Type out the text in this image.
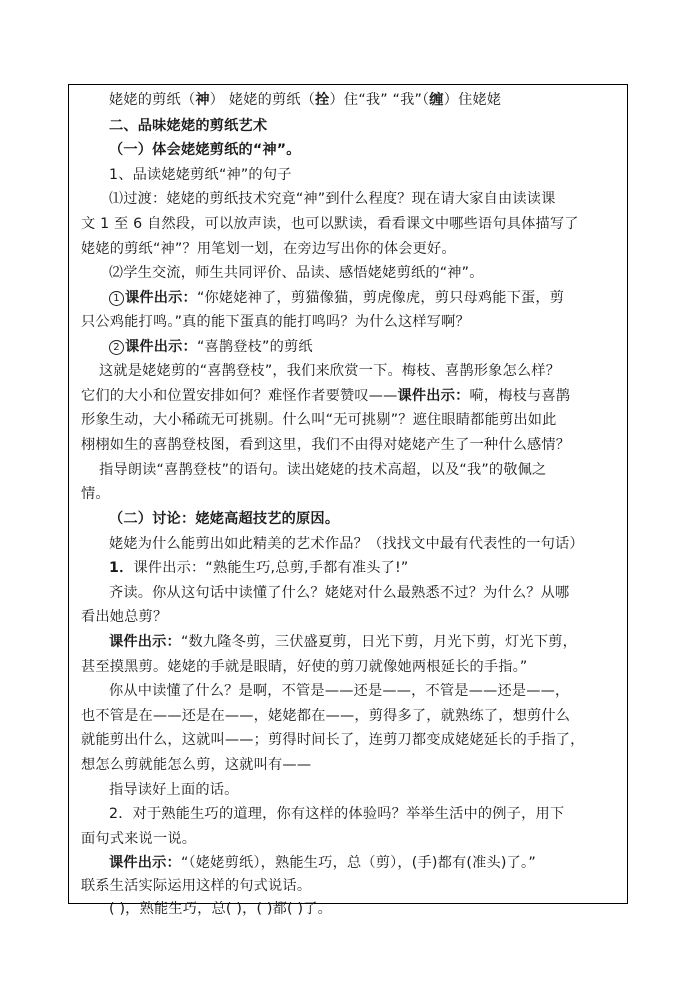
姥姥的剪纸（神） 姥姥的剪纸（拴）住“我” “我”（缠）住姥姥
二、品味姥姥的剪纸艺术
（一）体会姥姥剪纸的“神”。
1、品读姥姥剪纸“神”的句子
⑴过渡：姥姥的剪纸技术究竟“神”到什么程度？现在请大家自由读读课
文 1 至 6 自然段，可以放声读，也可以默读，看看课文中哪些语句具体描写了
姥姥的剪纸“神”？用笔划一划，在旁边写出你的体会更好。
⑵学生交流，师生共同评价、品读、感悟姥姥剪纸的“神”。
1 课件出示：“你姥姥神了，剪猫像猫，剪虎像虎，剪只母鸡能下蛋，剪
只公鸡能打鸣。”真的能下蛋真的能打鸣吗？为什么这样写啊？
2 课件出示：“喜鹊登枝”的剪纸
这就是姥姥剪的“喜鹊登枝”，我们来欣赏一下。梅枝、喜鹊形象怎么样？
它们的大小和位置安排如何？难怪作者要赞叹——课件出示：嗬，梅枝与喜鹊
形象生动，大小稀疏无可挑剔。什么叫“无可挑剔”？遮住眼睛都能剪出如此
栩栩如生的喜鹊登枝图，看到这里，我们不由得对姥姥产生了一种什么感情？
指导朗读“喜鹊登枝”的语句。读出姥姥的技术高超，以及“我”的敬佩之
情。
（二）讨论：姥姥高超技艺的原因。
姥姥为什么能剪出如此精美的艺术作品？（找找文中最有代表性的一句话）
1．课件出示：“熟能生巧,总剪,手都有准头了!”
齐读。你从这句话中读懂了什么？姥姥对什么最熟悉不过？为什么？从哪
看出她总剪？
课件出示：“数九隆冬剪，三伏盛夏剪，日光下剪，月光下剪，灯光下剪，
甚至摸黑剪。姥姥的手就是眼睛，好使的剪刀就像她两根延长的手指。”
你从中读懂了什么？是啊，不管是——还是——，不管是——还是——，
也不管是在——还是在——，姥姥都在——，剪得多了，就熟练了，想剪什么
就能剪出什么，这就叫——；剪得时间长了，连剪刀都变成姥姥延长的手指了，
想怎么剪就能怎么剪，这就叫有——
指导读好上面的话。
2．对于熟能生巧的道理，你有这样的体验吗？举举生活中的例子，用下
面句式来说一说。
课件出示：“（姥姥剪纸），熟能生巧，总（剪），(手)都有(准头)了。”
联系生活实际运用这样的句式说话。
( )，熟能生巧，总( )，( )都( )了。
